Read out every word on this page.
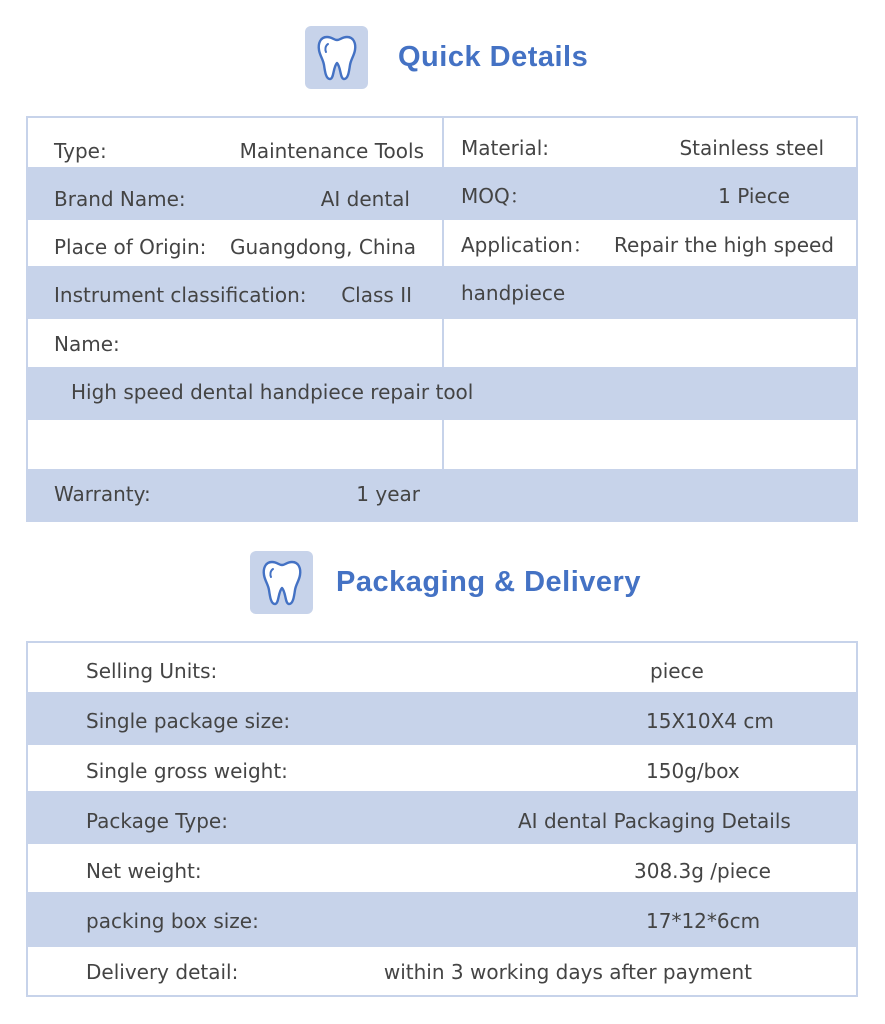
Quick Details
Type:	Maintenance Tools
Brand Name:	AI dental
Place of Origin: Guangdong, China
Instrument classification: Class II
Name:
High speed dental handpiece repair tool
Warranty:	1 year
Material:	Stainless steel
MOQ：	1 Piece
Application： Repair the high speed
handpiece
Packaging & Delivery
Selling Units:	piece
Single package size:	15X10X4 cm
Single gross weight:	150g/box
Package Type:	AI dental Packaging Details
Net weight:	308.3g /piece
packing box size:	17*12*6cm
Delivery detail:	within 3 working days after payment
